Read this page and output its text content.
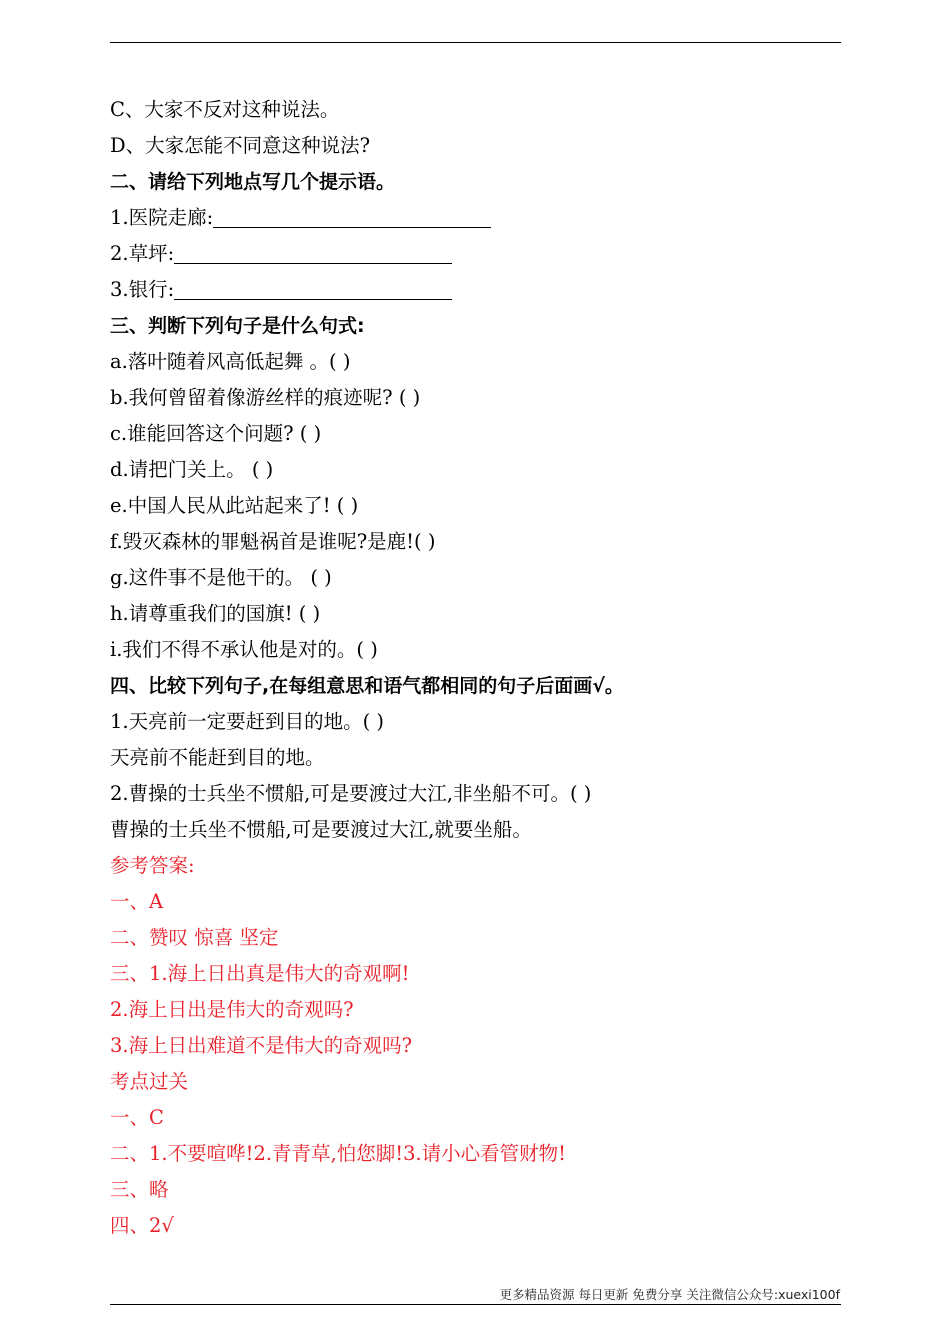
C、大家不反对这种说法。
D、大家怎能不同意这种说法?
二、请给下列地点写几个提示语。
1.医院走廊:
2.草坪:
3.银行:
三、判断下列句子是什么句式:
a.落叶随着风高低起舞 。( )
b.我何曾留着像游丝样的痕迹呢? ( )
c.谁能回答这个问题? ( )
d.请把门关上。 ( )
e.中国人民从此站起来了! ( )
f.毁灭森林的罪魁祸首是谁呢?是鹿!( )
g.这件事不是他干的。 ( )
h.请尊重我们的国旗! ( )
i.我们不得不承认他是对的。( )
四、比较下列句子,在每组意思和语气都相同的句子后面画√。
1.天亮前一定要赶到目的地。( )
天亮前不能赶到目的地。
2.曹操的士兵坐不惯船,可是要渡过大江,非坐船不可。( )
曹操的士兵坐不惯船,可是要渡过大江,就要坐船。
参考答案:
一、A
二、赞叹 惊喜 坚定
三、1.海上日出真是伟大的奇观啊!
2.海上日出是伟大的奇观吗?
3.海上日出难道不是伟大的奇观吗?
考点过关
一、C
二、1.不要喧哗!2.青青草,怕您脚!3.请小心看管财物!
三、略
四、2√
更多精品资源 每日更新 免费分享 关注微信公众号:xuexi100f
